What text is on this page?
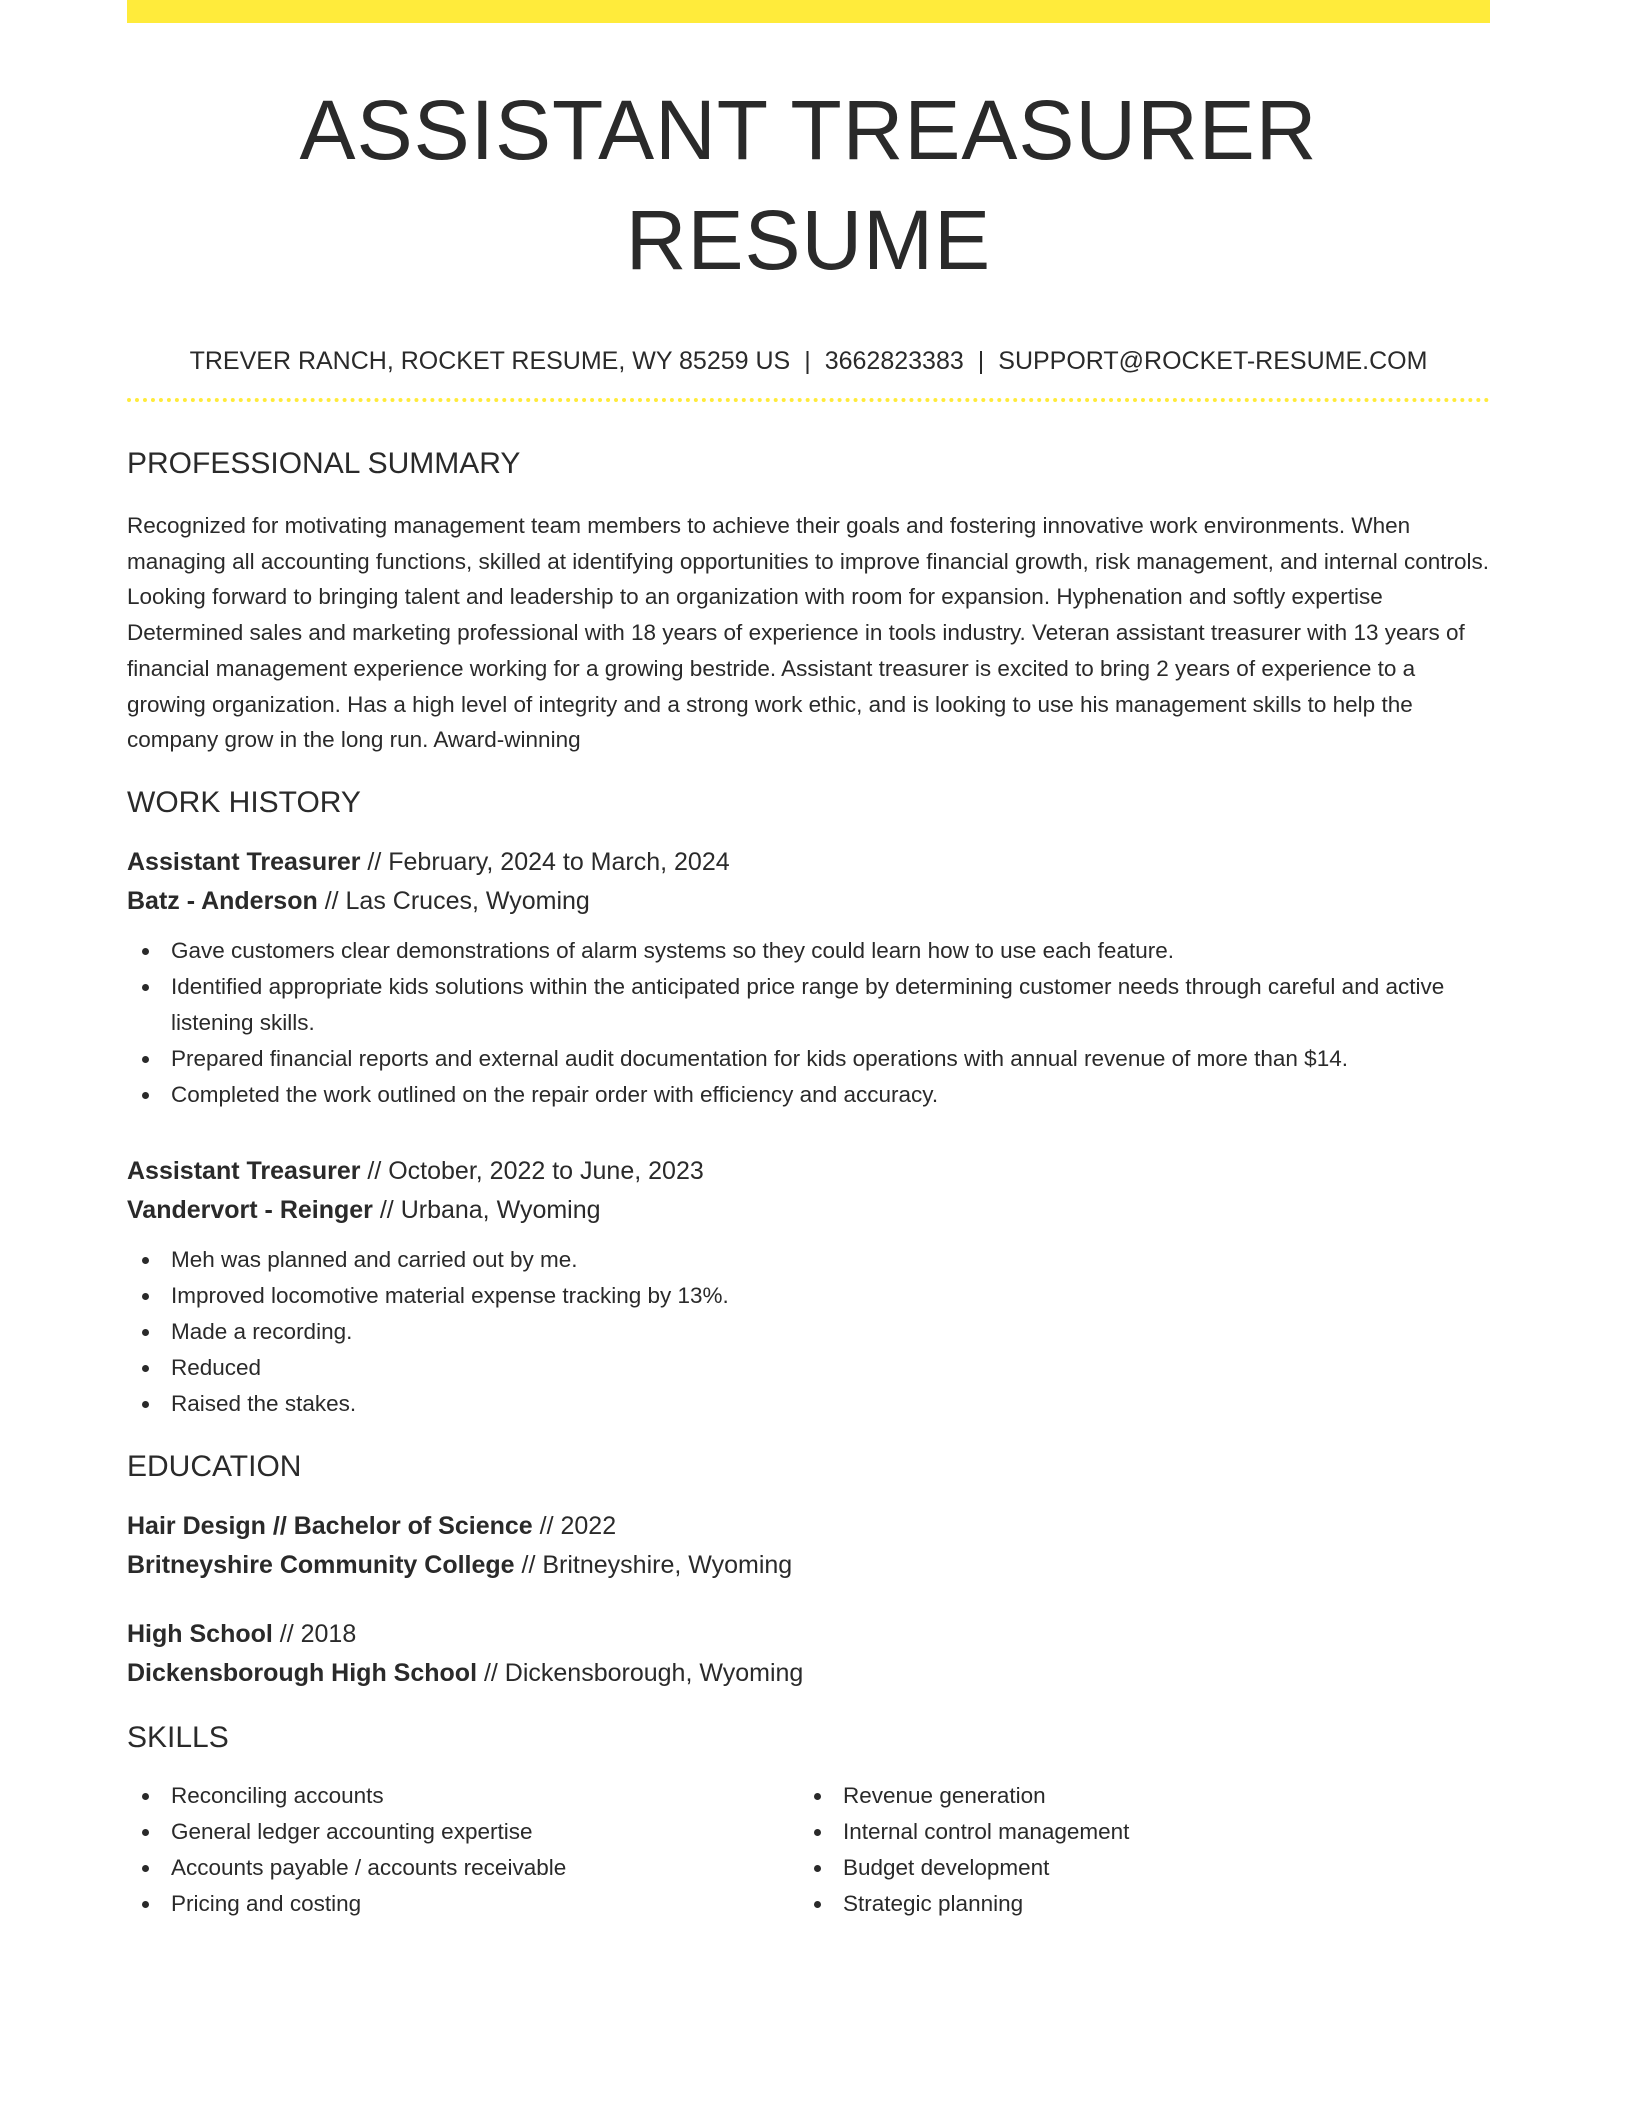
ASSISTANT TREASURER RESUME
TREVER RANCH, ROCKET RESUME, WY 85259 US | 3662823383 | SUPPORT@ROCKET-RESUME.COM
PROFESSIONAL SUMMARY

Recognized for motivating management team members to achieve their goals and fostering innovative work environments. When managing all accounting functions, skilled at identifying opportunities to improve financial growth, risk management, and internal controls. Looking forward to bringing talent and leadership to an organization with room for expansion. Hyphenation and softly expertise Determined sales and marketing professional with 18 years of experience in tools industry. Veteran assistant treasurer with 13 years of financial management experience working for a growing bestride. Assistant treasurer is excited to bring 2 years of experience to a growing organization. Has a high level of integrity and a strong work ethic, and is looking to use his management skills to help the company grow in the long run. Award-winning

WORK HISTORY
Assistant Treasurer // February, 2024 to March, 2024
Batz - Anderson // Las Cruces, Wyoming
Gave customers clear demonstrations of alarm systems so they could learn how to use each feature.
Identified appropriate kids solutions within the anticipated price range by determining customer needs through careful and active listening skills.
Prepared financial reports and external audit documentation for kids operations with annual revenue of more than $14.
Completed the work outlined on the repair order with efficiency and accuracy.
Assistant Treasurer // October, 2022 to June, 2023
Vandervort - Reinger // Urbana, Wyoming
Meh was planned and carried out by me.
Improved locomotive material expense tracking by 13%.
Made a recording.
Reduced
Raised the stakes.
EDUCATION
Hair Design // Bachelor of Science // 2022
Britneyshire Community College // Britneyshire, Wyoming
High School // 2018
Dickensborough High School // Dickensborough, Wyoming
SKILLS
Reconciling accounts
General ledger accounting expertise
Accounts payable / accounts receivable
Pricing and costing
Revenue generation
Internal control management
Budget development
Strategic planning
